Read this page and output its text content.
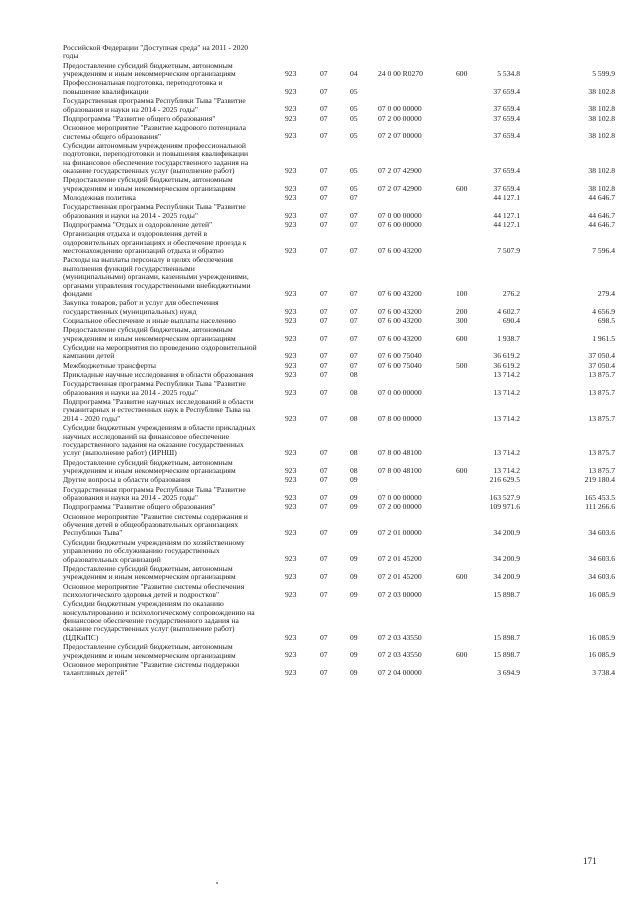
Российской Федерации "Доступная среда" на 2011 - 2020
годы
Предоставление субсидий бюджетным, автономным
учреждениям и иным некоммерческим организациям	923	07	04	24 0 00 R0270	600	5 534.8	5 599.9
Профессиональная подготовка, переподготовка и
повышение квалификации	923	07	05	37 659.4	38 102.8
Государственная программа Республики Тыва "Развитие
образования и науки на 2014 - 2025 годы"	923	07	05	07 0 00 00000	37 659.4	38 102.8
Подпрограмма "Развитие общего образования"	923	07	05	07 2 00 00000	37 659.4	38 102.8
Основное мероприятие "Развитие кадрового потенциала
системы общего образования"	923	07	05	07 2 07 00000	37 659.4	38 102.8
Субсидии автономным учреждениям профессиональной
подготовки, переподготовки и повышения квалификации
на финансовое обеспечение государственного задания на
оказание государственных услуг (выполнение работ)	923	07	05	07 2 07 42900	37 659.4	38 102.8
Предоставление субсидий бюджетным, автономным
учреждениям и иным некоммерческим организациям	923	07	05	07 2 07 42900	600	37 659.4	38 102.8
Молодежная политика	923	07	07	44 127.1	44 646.7
Государственная программа Республики Тыва "Развитие
образования и науки на 2014 - 2025 годы"	923	07	07	07 0 00 00000	44 127.1	44 646.7
Подпрограмма "Отдых и оздоровление детей"	923	07	07	07 6 00 00000	44 127.1	44 646.7
Организация отдыха и оздоровления детей в
оздоровительных организациях и обеспечение проезда к
местонахождению организаций отдыха и обратно	923	07	07	07 6 00 43200	7 507.9	7 596.4
Расходы на выплаты персоналу в целях обеспечения
выполнения функций государственными
(муниципальными) органами, казенными учреждениями,
органами управления государственными внебюджетными
фондами	923	07	07	07 6 00 43200	100	276.2	279.4
Закупка товаров, работ и услуг для обеспечения
государственных (муниципальных) нужд	923	07	07	07 6 00 43200	200	4 602.7	4 656.9
Социальное обеспечение и иные выплаты населению	923	07	07	07 6 00 43200	300	690.4	698.5
Предоставление субсидий бюджетным, автономным
учреждениям и иным некоммерческим организациям	923	07	07	07 6 00 43200	600	1 938.7	1 961.5
Субсидии на мероприятия по проведению оздоровительной
кампании детей	923	07	07	07 6 00 75040	36 619.2	37 050.4
Межбюджетные трансферты	923	07	07	07 6 00 75040	500	36 619.2	37 050.4
Прикладные научные исследования в области образования	923	07	08	13 714.2	13 875.7
Государственная программа Республики Тыва "Развитие
образования и науки на 2014 - 2025 годы"	923	07	08	07 0 00 00000	13 714.2	13 875.7
Подпрограмма "Развитие научных исследований в области
гуманитарных и естественных наук в Республике Тыва на
2014 - 2020 годы"	923	07	08	07 8 00 00000	13 714.2	13 875.7
Субсидии бюджетным учреждениям в области прикладных
научных исследований на финансовое обеспечение
государственного задания на оказание государственных
услуг (выполнение работ) (ИРНШ)	923	07	08	07 8 00 48100	13 714.2	13 875.7
Предоставление субсидий бюджетным, автономным
учреждениям и иным некоммерческим организациям	923	07	08	07 8 00 48100	600	13 714.2	13 875.7
Другие вопросы в области образования	923	07	09	216 629.5	219 180.4
Государственная программа Республики Тыва "Развитие
образования и науки на 2014 - 2025 годы"	923	07	09	07 0 00 00000	163 527.9	165 453.5
Подпрограмма "Развитие общего образования"	923	07	09	07 2 00 00000	109 971.6	111 266.6
Основное мероприятие "Развитие системы содержания и
обучения детей в общеобразовательных организациях
Республики Тыва"	923	07	09	07 2 01 00000	34 200.9	34 603.6
Субсидии бюджетным учреждениям по хозяйственному
управлению по обслуживанию государственных
образовательных организаций	923	07	09	07 2 01 45200	34 200.9	34 603.6
Предоставление субсидий бюджетным, автономным
учреждениям и иным некоммерческим организациям	923	07	09	07 2 01 45200	600	34 200.9	34 603.6
Основное мероприятие "Развитие системы обеспечения
психологического здоровья детей и подростков"	923	07	09	07 2 03 00000	15 898.7	16 085.9
Субсидии бюджетным учреждениям по оказанию
консультированию и психологическому сопровождению на
финансовое обеспечение государственного задания на
оказание государственных услуг (выполнение работ)
(ЦДКиПС)	923	07	09	07 2 03 43550	15 898.7	16 085.9
Предоставление субсидий бюджетным, автономным
учреждениям и иным некоммерческим организациям	923	07	09	07 2 03 43550	600	15 898.7	16 085.9
Основное мероприятие "Развитие системы поддержки
талантливых детей"	923	07	09	07 2 04 00000	3 694.9	3 738.4
171
